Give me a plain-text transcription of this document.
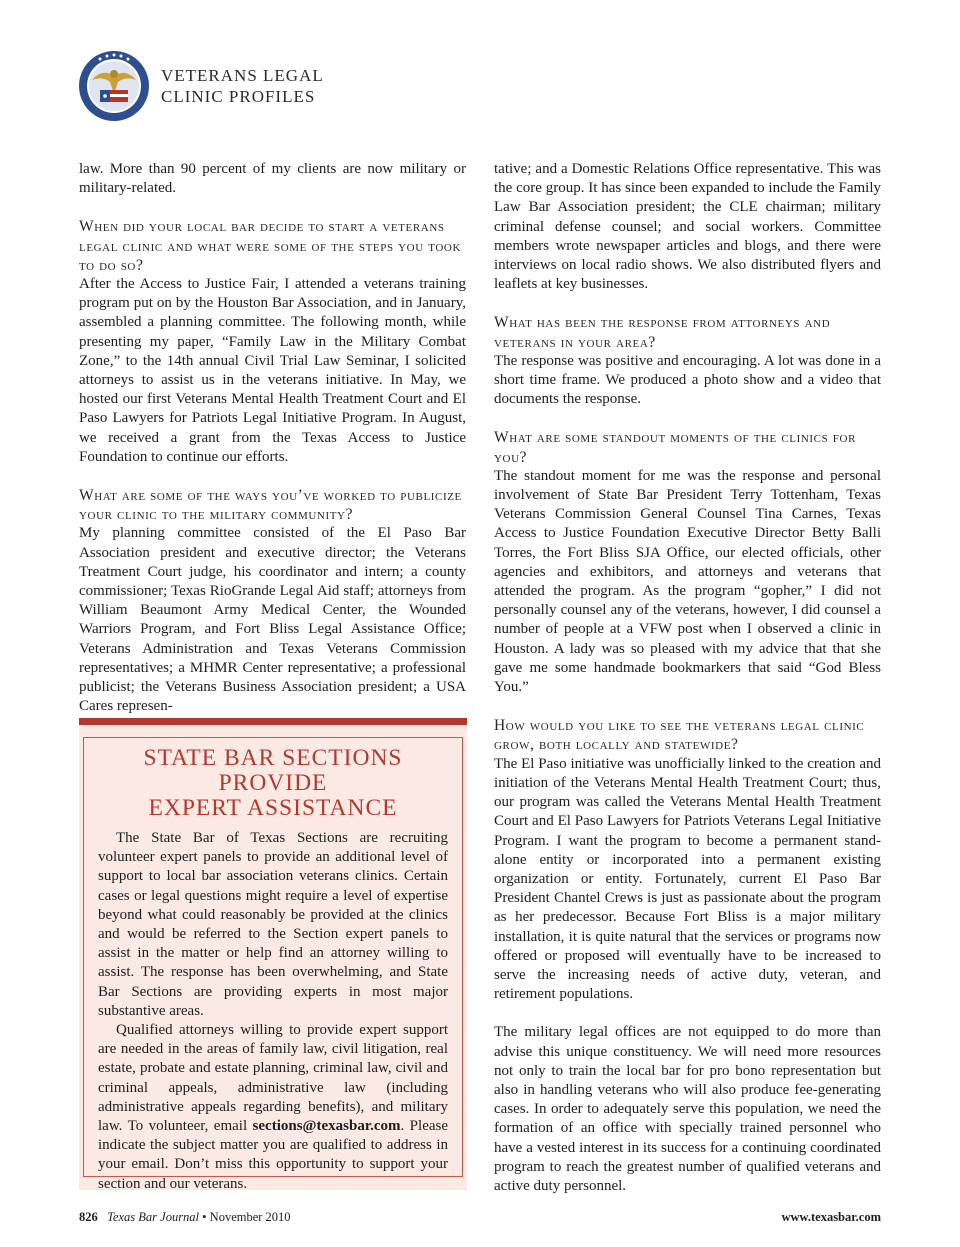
VETERANS LEGAL
CLINIC PROFILES

law. More than 90 percent of my clients are now military or military-related.

When did your local bar decide to start a veterans legal clinic and what were some of the steps you took to do so?

After the Access to Justice Fair, I attended a veterans training program put on by the Houston Bar Association, and in January, assembled a planning committee. The following month, while presenting my paper, “Family Law in the Military Combat Zone,” to the 14th annual Civil Trial Law Seminar, I solicited attorneys to assist us in the veterans initiative. In May, we hosted our first Veterans Mental Health Treatment Court and El Paso Lawyers for Patriots Legal Initiative Program. In August, we received a grant from the Texas Access to Justice Foundation to continue our efforts.

What are some of the ways you’ve worked to publicize your clinic to the military community?

My planning committee consisted of the El Paso Bar Association president and executive director; the Veterans Treatment Court judge, his coordinator and intern; a county commissioner; Texas RioGrande Legal Aid staff; attorneys from William Beaumont Army Medical Center, the Wounded Warriors Program, and Fort Bliss Legal Assistance Office; Veterans Administration and Texas Veterans Commission representatives; a MHMR Center representative; a professional publicist; the Veterans Business Association president; a USA Cares represen-

STATE BAR SECTIONS PROVIDE
EXPERT ASSISTANCE

The State Bar of Texas Sections are recruiting volunteer expert panels to provide an additional level of support to local bar association veterans clinics. Certain cases or legal questions might require a level of expertise beyond what could reasonably be provided at the clinics and would be referred to the Section expert panels to assist in the matter or help find an attorney willing to assist. The response has been overwhelming, and State Bar Sections are providing experts in most major substantive areas.

Qualified attorneys willing to provide expert support are needed in the areas of family law, civil litigation, real estate, probate and estate planning, criminal law, civil and criminal appeals, administrative law (including administrative appeals regarding benefits), and military law. To volunteer, email sections@texasbar.com. Please indicate the subject matter you are qualified to address in your email. Don’t miss this opportunity to support your section and our veterans.

tative; and a Domestic Relations Office representative. This was the core group. It has since been expanded to include the Family Law Bar Association president; the CLE chairman; military criminal defense counsel; and social workers. Committee members wrote newspaper articles and blogs, and there were interviews on local radio shows. We also distributed flyers and leaflets at key businesses.

What has been the response from attorneys and veterans in your area?

The response was positive and encouraging. A lot was done in a short time frame. We produced a photo show and a video that documents the response.

What are some standout moments of the clinics for you?

The standout moment for me was the response and personal involvement of State Bar President Terry Tottenham, Texas Veterans Commission General Counsel Tina Carnes, Texas Access to Justice Foundation Executive Director Betty Balli Torres, the Fort Bliss SJA Office, our elected officials, other agencies and exhibitors, and attorneys and veterans that attended the program. As the program “gopher,” I did not personally counsel any of the veterans, however, I did counsel a number of people at a VFW post when I observed a clinic in Houston. A lady was so pleased with my advice that that she gave me some handmade bookmarkers that said “God Bless You.”

How would you like to see the veterans legal clinic grow, both locally and statewide?

The El Paso initiative was unofficially linked to the creation and initiation of the Veterans Mental Health Treatment Court; thus, our program was called the Veterans Mental Health Treatment Court and El Paso Lawyers for Patriots Veterans Legal Initiative Program. I want the program to become a permanent stand-alone entity or incorporated into a permanent existing organization or entity. Fortunately, current El Paso Bar President Chantel Crews is just as passionate about the program as her predecessor. Because Fort Bliss is a major military installation, it is quite natural that the services or programs now offered or proposed will eventually have to be increased to serve the increasing needs of active duty, veteran, and retirement populations.

The military legal offices are not equipped to do more than advise this unique constituency. We will need more resources not only to train the local bar for pro bono representation but also in handling veterans who will also produce fee-generating cases. In order to adequately serve this population, we need the formation of an office with specially trained personnel who have a vested interest in its success for a continuing coordinated program to reach the greatest number of qualified veterans and active duty personnel.

826 Texas Bar Journal • November 2010	www.texasbar.com
